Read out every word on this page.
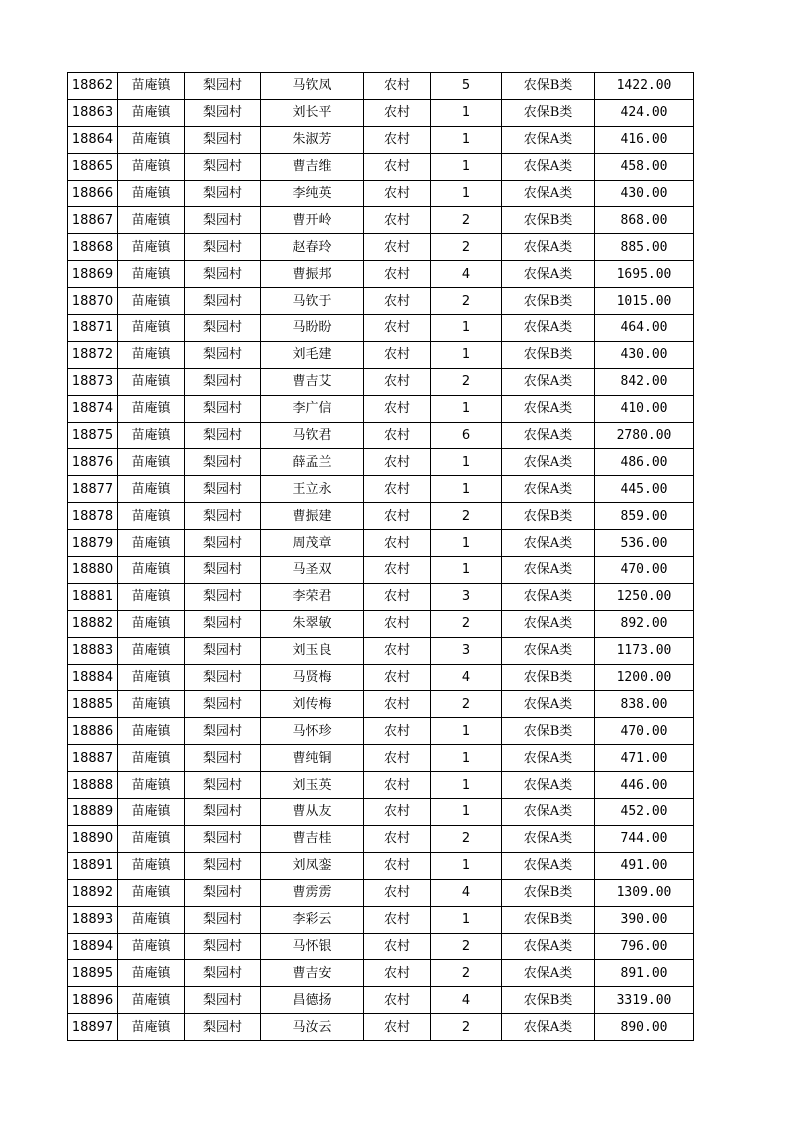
18862	苗庵镇	梨园村	马钦凤	农村	5	农保B类	1422.00
18863	苗庵镇	梨园村	刘长平	农村	1	农保B类	424.00
18864	苗庵镇	梨园村	朱淑芳	农村	1	农保A类	416.00
18865	苗庵镇	梨园村	曹吉维	农村	1	农保A类	458.00
18866	苗庵镇	梨园村	李纯英	农村	1	农保A类	430.00
18867	苗庵镇	梨园村	曹开岭	农村	2	农保B类	868.00
18868	苗庵镇	梨园村	赵春玲	农村	2	农保A类	885.00
18869	苗庵镇	梨园村	曹振邦	农村	4	农保A类	1695.00
18870	苗庵镇	梨园村	马钦于	农村	2	农保B类	1015.00
18871	苗庵镇	梨园村	马盼盼	农村	1	农保A类	464.00
18872	苗庵镇	梨园村	刘毛建	农村	1	农保B类	430.00
18873	苗庵镇	梨园村	曹吉艾	农村	2	农保A类	842.00
18874	苗庵镇	梨园村	李广信	农村	1	农保A类	410.00
18875	苗庵镇	梨园村	马钦君	农村	6	农保A类	2780.00
18876	苗庵镇	梨园村	薛孟兰	农村	1	农保A类	486.00
18877	苗庵镇	梨园村	王立永	农村	1	农保A类	445.00
18878	苗庵镇	梨园村	曹振建	农村	2	农保B类	859.00
18879	苗庵镇	梨园村	周茂章	农村	1	农保A类	536.00
18880	苗庵镇	梨园村	马圣双	农村	1	农保A类	470.00
18881	苗庵镇	梨园村	李荣君	农村	3	农保A类	1250.00
18882	苗庵镇	梨园村	朱翠敏	农村	2	农保A类	892.00
18883	苗庵镇	梨园村	刘玉良	农村	3	农保A类	1173.00
18884	苗庵镇	梨园村	马贤梅	农村	4	农保B类	1200.00
18885	苗庵镇	梨园村	刘传梅	农村	2	农保A类	838.00
18886	苗庵镇	梨园村	马怀珍	农村	1	农保B类	470.00
18887	苗庵镇	梨园村	曹纯铜	农村	1	农保A类	471.00
18888	苗庵镇	梨园村	刘玉英	农村	1	农保A类	446.00
18889	苗庵镇	梨园村	曹从友	农村	1	农保A类	452.00
18890	苗庵镇	梨园村	曹吉桂	农村	2	农保A类	744.00
18891	苗庵镇	梨园村	刘凤銮	农村	1	农保A类	491.00
18892	苗庵镇	梨园村	曹雳雳	农村	4	农保B类	1309.00
18893	苗庵镇	梨园村	李彩云	农村	1	农保B类	390.00
18894	苗庵镇	梨园村	马怀银	农村	2	农保A类	796.00
18895	苗庵镇	梨园村	曹吉安	农村	2	农保A类	891.00
18896	苗庵镇	梨园村	昌德扬	农村	4	农保B类	3319.00
18897	苗庵镇	梨园村	马汝云	农村	2	农保A类	890.00
